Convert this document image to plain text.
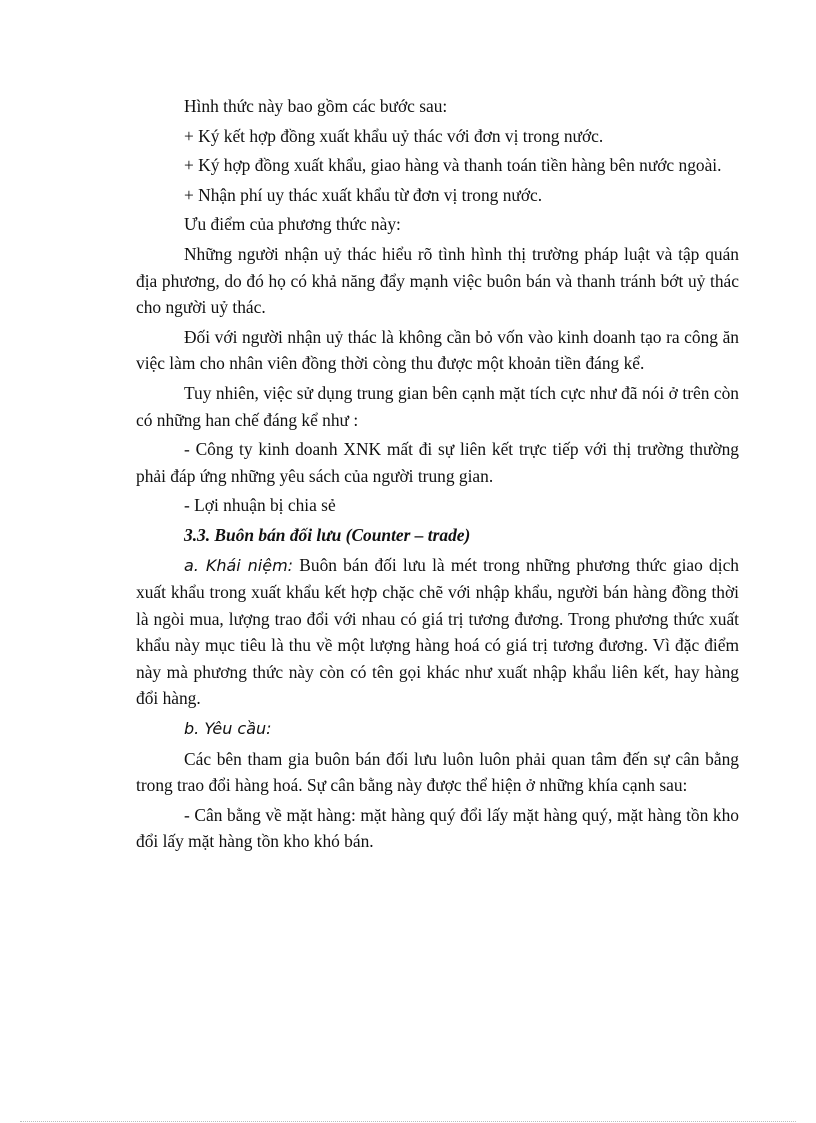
Hình thức này bao gồm các bước sau:

+ Ký kết hợp đồng xuất khẩu uỷ thác với đơn vị trong nước.

+ Ký hợp đồng xuất khẩu, giao hàng và thanh toán tiền hàng bên nước ngoài.

+ Nhận phí uy thác xuất khẩu từ đơn vị trong nước.

Ưu điểm của phương thức này:

Những người nhận uỷ thác hiểu rõ tình hình thị trường pháp luật và tập quán địa phương, do đó họ có khả năng đẩy mạnh việc buôn bán và thanh tránh bớt uỷ thác cho người uỷ thác.

Đối với người nhận uỷ thác là không cần bỏ vốn vào kinh doanh tạo ra công ăn việc làm cho nhân viên đồng thời còng thu được một khoản tiền đáng kể.

Tuy nhiên, việc sử dụng trung gian bên cạnh mặt tích cực như đã nói ở trên còn có những han chế đáng kể như :

- Công ty kinh doanh XNK mất đi sự liên kết trực tiếp với thị trường thường phải đáp ứng những yêu sách của người trung gian.

- Lợi nhuận bị chia sẻ

3.3. Buôn bán đối lưu (Counter – trade)

a. Khái niệm: Buôn bán đối lưu là mét trong những phương thức giao dịch xuất khẩu trong xuất khẩu kết hợp chặc chẽ với nhập khẩu, người bán hàng đồng thời là ngòi mua, lượng trao đổi với nhau có giá trị tương đương. Trong phương thức xuất khẩu này mục tiêu là thu về một lượng hàng hoá có giá trị tương đương. Vì đặc điểm này mà phương thức này còn có tên gọi khác như xuất nhập khẩu liên kết, hay hàng đổi hàng.

b. Yêu cầu:

Các bên tham gia buôn bán đối lưu luôn luôn phải quan tâm đến sự cân bằng trong trao đổi hàng hoá. Sự cân bằng này được thể hiện ở những khía cạnh sau:

- Cân bằng về mặt hàng: mặt hàng quý đổi lấy mặt hàng quý, mặt hàng tồn kho đổi lấy mặt hàng tồn kho khó bán.
